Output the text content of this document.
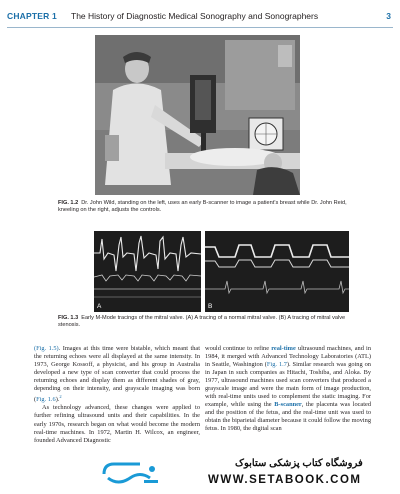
CHAPTER 1 The History of Diagnostic Medical Sonography and Sonographers	3
FIG. 1.2 Dr. John Wild, standing on the left, uses an early B-scanner to image a patient’s breast while Dr. John Reid, kneeling on the right, adjusts the controls.
A	B
FIG. 1.3 Early M-Mode tracings of the mitral valve. (A) A tracing of a normal mitral valve. (B) A tracing of mitral valve stenosis.

(Fig. 1.5). Images at this time were bistable, which meant that the returning echoes were all displayed at the same intensity. In 1973, George Kossoff, a physicist, and his group in Australia developed a new type of scan converter that could process the returning echoes and display them as different shades of gray, depending on their intensity, and grayscale imaging was born (Fig. 1.6).$^2$

As technology advanced, these changes were applied to further refining ultrasound units and their capabilities. In the early 1970s, research began on what would become the modern real-time machines. In 1972, Martin H. Wilcox, an engineer, founded Advanced Diagnostic

would continue to refine real-time ultrasound machines, and in 1984, it merged with Advanced Technology Laboratories (ATL) in Seattle, Washington (Fig. 1.7). Similar research was going on in Japan in such companies as Hitachi, Toshiba, and Aloka. By 1977, ultrasound machines used scan converters that produced a grayscale image and were the main form of image production, with real-time units used to complement the static imaging. For example, while using the B-scanner, the placenta was located and the position of the fetus, and the real-time unit was used to obtain the biparietal diameter because it could follow the moving fetus. In 1980, the digital scan

فروشگاه کتاب پزشکی ستابوک
WWW.SETABOOK.COM
